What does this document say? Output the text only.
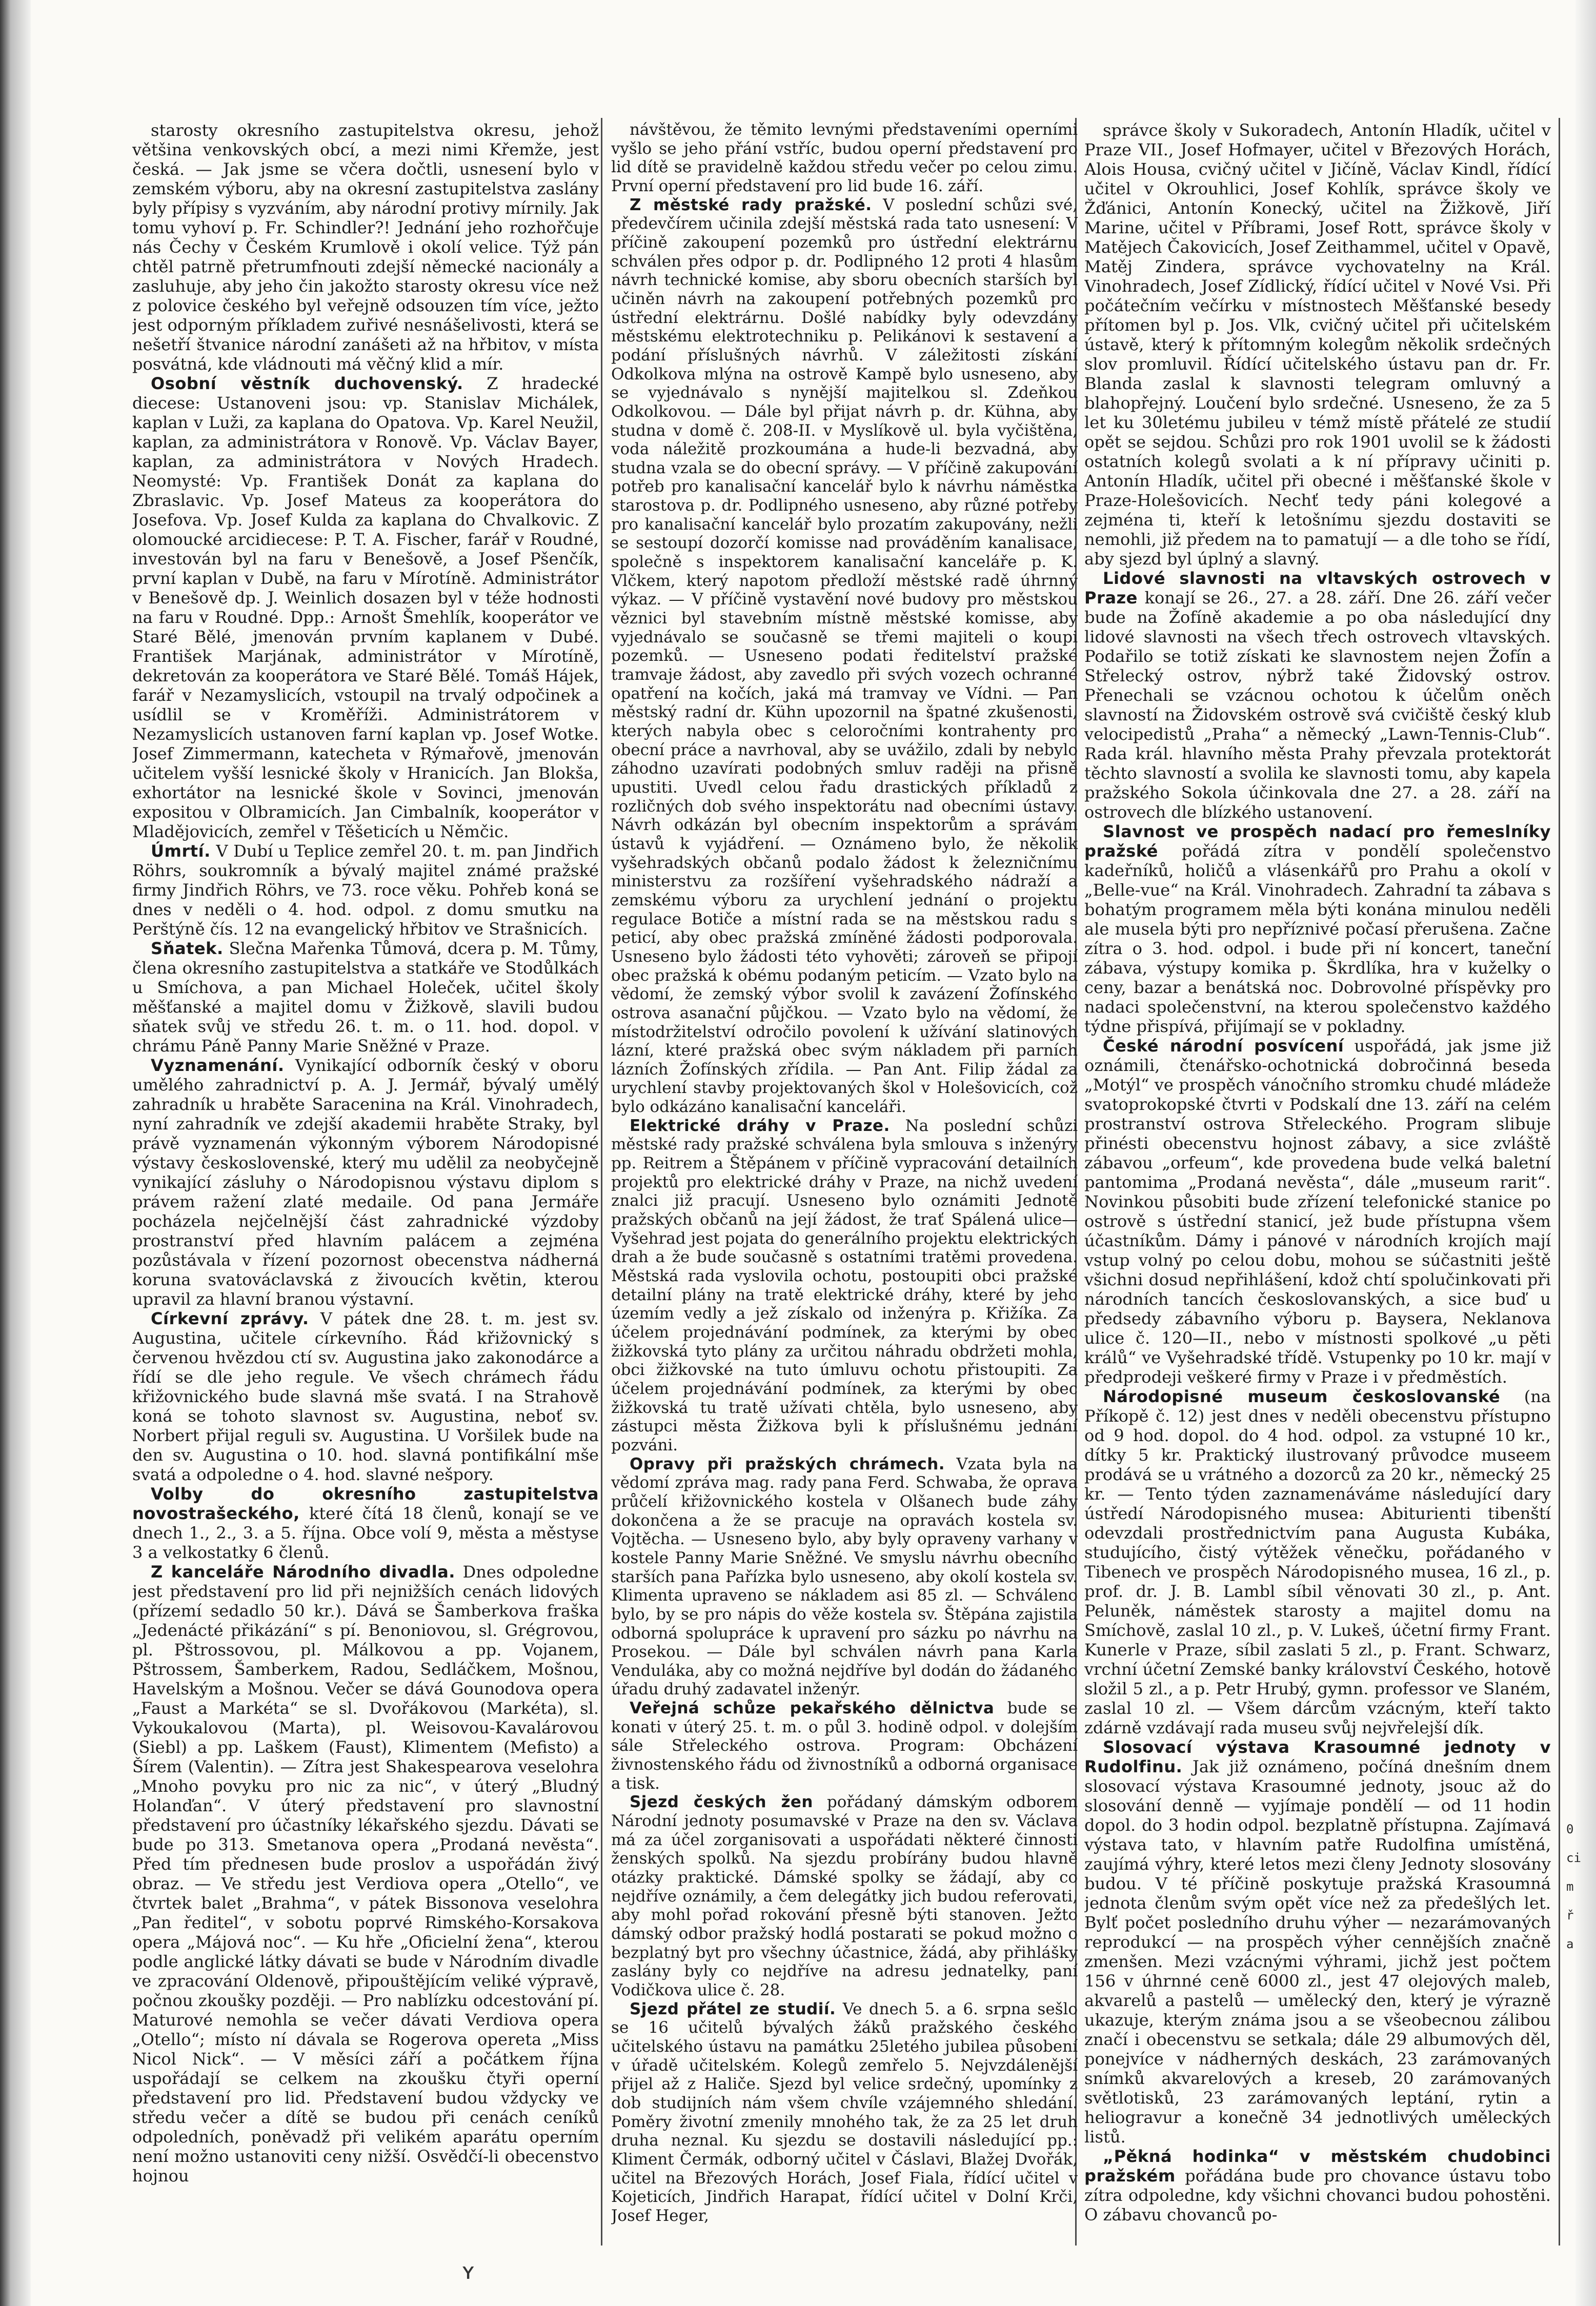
starosty okresního zastupitelstva okresu, jehož většina venkovských obcí, a mezi nimi Křemže, jest česká. — Jak jsme se včera dočtli, usnesení bylo v zemském výboru, aby na okresní zastupitelstva zaslány byly přípisy s vyzváním, aby národní protivy mírnily. Jak tomu vyhoví p. Fr. Schindler?! Jednání jeho rozhořčuje nás Čechy v Českém Krumlově i okolí velice. Týž pán chtěl patrně přetrumfnouti zdejší německé nacionály a zasluhuje, aby jeho čin jakožto starosty okresu více než z polovice českého byl veřejně odsouzen tím více, ježto jest odporným příkladem zuřivé nesnášelivosti, která se nešetří štvanice národní zanášeti až na hřbitov, v místa posvátná, kde vládnouti má věčný klid a mír.

Osobní věstník duchovenský. Z hradecké diecese: Ustanoveni jsou: vp. Stanislav Michálek, kaplan v Luži, za kaplana do Opatova. Vp. Karel Neužil, kaplan, za administrátora v Ronově. Vp. Václav Bayer, kaplan, za administrátora v Nových Hradech. Neomysté: Vp. František Donát za kaplana do Zbraslavic. Vp. Josef Mateus za kooperátora do Josefova. Vp. Josef Kulda za kaplana do Chvalkovic. Z olomoucké arcidiecese: P. T. A. Fischer, farář v Roudné, investován byl na faru v Benešově, a Josef Pšenčík, první kaplan v Dubě, na faru v Mírotíně. Administrátor v Benešově dp. J. Weinlich dosazen byl v téže hodnosti na faru v Roudné. Dpp.: Arnošt Šmehlík, kooperátor ve Staré Bělé, jmenován prvním kaplanem v Dubé. František Marjának, administrátor v Mírotíně, dekretován za kooperátora ve Staré Bělé. Tomáš Hájek, farář v Nezamyslicích, vstoupil na trvalý odpočinek a usídlil se v Kroměříži. Administrátorem v Nezamyslicích ustanoven farní kaplan vp. Josef Wotke. Josef Zimmermann, katecheta v Rýmařově, jmenován učitelem vyšší lesnické školy v Hranicích. Jan Blokša, exhortátor na lesnické škole v Sovinci, jmenován expositou v Olbramicích. Jan Cimbalník, kooperátor v Mladějovicích, zemřel v Těšeticích u Němčic.

Úmrtí. V Dubí u Teplice zemřel 20. t. m. pan Jindřich Röhrs, soukromník a bývalý majitel známé pražské firmy Jindřich Röhrs, ve 73. roce věku. Pohřeb koná se dnes v neděli o 4. hod. odpol. z domu smutku na Perštýně čís. 12 na evangelický hřbitov ve Strašnicích.

Sňatek. Slečna Mařenka Tůmová, dcera p. M. Tůmy, člena okresního zastupitelstva a statkáře ve Stodůlkách u Smíchova, a pan Michael Holeček, učitel školy měšťanské a majitel domu v Žižkově, slavili budou sňatek svůj ve středu 26. t. m. o 11. hod. dopol. v chrámu Páně Panny Marie Sněžné v Praze.

Vyznamenání. Vynikající odborník český v oboru umělého zahradnictví p. A. J. Jermář, bývalý umělý zahradník u hraběte Saracenina na Král. Vinohradech, nyní zahradník ve zdejší akademii hraběte Straky, byl právě vyznamenán výkonným výborem Národopisné výstavy československé, který mu udělil za neobyčejně vynikající zásluhy o Národopisnou výstavu diplom s právem ražení zlaté medaile. Od pana Jermáře pocházela nejčelnější část zahradnické výzdoby prostranství před hlavním palácem a zejména pozůstávala v řízení pozornost obecenstva nádherná koruna svatováclavská z živoucích květin, kterou upravil za hlavní branou výstavní.

Církevní zprávy. V pátek dne 28. t. m. jest sv. Augustina, učitele církevního. Řád křižovnický s červenou hvězdou ctí sv. Augustina jako zakonodárce a řídí se dle jeho regule. Ve všech chrámech řádu křižovnického bude slavná mše svatá. I na Strahově koná se tohoto slavnost sv. Augustina, neboť sv. Norbert přijal reguli sv. Augustina. U Voršilek bude na den sv. Augustina o 10. hod. slavná pontifikální mše svatá a odpoledne o 4. hod. slavné nešpory.

Volby do okresního zastupitelstva novostrašeckého, které čítá 18 členů, konají se ve dnech 1., 2., 3. a 5. října. Obce volí 9, města a městyse 3 a velkostatky 6 členů.

Z kanceláře Národního divadla. Dnes odpoledne jest představení pro lid při nejnižších cenách lidových (přízemí sedadlo 50 kr.). Dává se Šamberkova fraška „Jedenácté přikázání“ s pí. Benoniovou, sl. Grégrovou, pl. Pštrossovou, pl. Málkovou a pp. Vojanem, Pštrossem, Šamberkem, Radou, Sedláčkem, Mošnou, Havelským a Mošnou. Večer se dává Gounodova opera „Faust a Markéta“ se sl. Dvořákovou (Markéta), sl. Vykoukalovou (Marta), pl. Weisovou-Kavalárovou (Siebl) a pp. Laškem (Faust), Klimentem (Mefisto) a Šírem (Valentin). — Zítra jest Shakespearova veselohra „Mnoho povyku pro nic za nic“, v úterý „Bludný Holanďan“. V úterý představení pro slavnostní představení pro účastníky lékařského sjezdu. Dávati se bude po 313. Smetanova opera „Prodaná nevěsta“. Před tím přednesen bude proslov a uspořádán živý obraz. — Ve středu jest Verdiova opera „Otello“, ve čtvrtek balet „Brahma“, v pátek Bissonova veselohra „Pan ředitel“, v sobotu poprvé Rimského-Korsakova opera „Májová noc“. — Ku hře „Oficielní žena“, kterou podle anglické látky dávati se bude v Národním divadle ve zpracování Oldenově, připouštějícím veliké výpravě, počnou zkoušky později. — Pro nablízku odcestování pí. Maturové nemohla se večer dávati Verdiova opera „Otello“; místo ní dávala se Rogerova opereta „Miss Nicol Nick“. — V měsíci září a počátkem října uspořádají se celkem na zkoušku čtyři operní představení pro lid. Představení budou vždycky ve středu večer a dítě se budou při cenách ceníků odpoledních, poněvadž při velikém aparátu operním není možno ustanoviti ceny nižší. Osvědčí-li obecenstvo hojnou

návštěvou, že těmito levnými představeními operními vyšlo se jeho přání vstříc, budou operní představení pro lid dítě se pravidelně každou středu večer po celou zimu. První operní představení pro lid bude 16. září.

Z městské rady pražské. V poslední schůzi své, předevčírem učinila zdejší městská rada tato usnesení: V příčině zakoupení pozemků pro ústřední elektrárnu schválen přes odpor p. dr. Podlipného 12 proti 4 hlasům návrh technické komise, aby sboru obecních starších byl učiněn návrh na zakoupení potřebných pozemků pro ústřední elektrárnu. Došlé nabídky byly odevzdány městskému elektrotechniku p. Pelikánovi k sestavení a podání příslušných návrhů. V záležitosti získání Odkolkova mlýna na ostrově Kampě bylo usneseno, aby se vyjednávalo s nynější majitelkou sl. Zdeňkou Odkolkovou. — Dále byl přijat návrh p. dr. Kühna, aby studna v domě č. 208-II. v Myslíkově ul. byla vyčištěna, voda náležitě prozkoumána a hude-li bezvadná, aby studna vzala se do obecní správy. — V příčině zakupování potřeb pro kanalisační kancelář bylo k návrhu náměstka starostova p. dr. Podlipného usneseno, aby různé potřeby pro kanalisační kancelář bylo prozatím zakupovány, nežli se sestoupí dozorčí komisse nad prováděním kanalisace, společně s inspektorem kanalisační kanceláře p. K. Vlčkem, který napotom předloží městské radě úhrnný výkaz. — V příčině vystavění nové budovy pro městskou věznici byl stavebním místně městské komisse, aby vyjednávalo se současně se třemi majiteli o koupi pozemků. — Usneseno podati ředitelství pražské tramvaje žádost, aby zavedlo při svých vozech ochranné opatření na kočích, jaká má tramvay ve Vídni. — Pan městský radní dr. Kühn upozornil na špatné zkušenosti, kterých nabyla obec s celoročními kontrahenty pro obecní práce a navrhoval, aby se uvážilo, zdali by nebylo záhodno uzavírati podobných smluv raději na přisně upustiti. Uvedl celou řadu drastických příkladů z rozličných dob svého inspektorátu nad obecními ústavy. Návrh odkázán byl obecním inspektorům a správám ústavů k vyjádření. — Oznámeno bylo, že několik vyšehradských občanů podalo žádost k železničnímu ministerstvu za rozšíření vyšehradského nádraží a zemskému výboru za urychlení jednání o projektu regulace Botiče a místní rada se na městskou radu s peticí, aby obec pražská zmíněné žádosti podporovala. Usneseno bylo žádosti této vyhověti; zároveň se připojí obec pražská k obému podaným peticím. — Vzato bylo na vědomí, že zemský výbor svolil k zavázení Žofínského ostrova asanační půjčkou. — Vzato bylo na vědomí, že místodržitelství odročilo povolení k užívání slatinových lázní, které pražská obec svým nákladem při parních lázních Žofínských zřídila. — Pan Ant. Filip žádal za urychlení stavby projektovaných škol v Holešovicích, což bylo odkázáno kanalisační kanceláři.

Elektrické dráhy v Praze. Na poslední schůzi městské rady pražské schválena byla smlouva s inženýry pp. Reitrem a Štěpánem v příčině vypracování detailních projektů pro elektrické dráhy v Praze, na nichž uvedení znalci již pracují. Usneseno bylo oznámiti Jednotě pražských občanů na její žádost, že trať Spálená ulice—Vyšehrad jest pojata do generálního projektu elektrických drah a že bude současně s ostatními tratěmi provedena. Městská rada vyslovila ochotu, postoupiti obci pražské detailní plány na tratě elektrické dráhy, které by jeho územím vedly a jež získalo od inženýra p. Křižíka. Za účelem projednávání podmínek, za kterými by obec žižkovská tyto plány za určitou náhradu obdržeti mohla, obci žižkovské na tuto úmluvu ochotu přistoupiti. Za účelem projednávání podmínek, za kterými by obec žižkovská tu tratě užívati chtěla, bylo usneseno, aby zástupci města Žižkova byli k příslušnému jednání pozváni.

Opravy při pražských chrámech. Vzata byla na vědomí zpráva mag. rady pana Ferd. Schwaba, že oprava průčelí křižovnického kostela v Olšanech bude záhy dokončena a že se pracuje na opravách kostela sv. Vojtěcha. — Usneseno bylo, aby byly opraveny varhany v kostele Panny Marie Sněžné. Ve smyslu návrhu obecního starších pana Pařízka bylo usneseno, aby okolí kostela sv. Klimenta upraveno se nákladem asi 85 zl. — Schváleno bylo, by se pro nápis do věže kostela sv. Štěpána zajistila odborná spolupráce k upravení pro sázku po návrhu na Prosekou. — Dále byl schválen návrh pana Karla Venduláka, aby co možná nejdříve byl dodán do žádaného úřadu druhý zadavatel inženýr.

Veřejná schůze pekařského dělnictva bude se konati v úterý 25. t. m. o půl 3. hodině odpol. v dolejším sále Střeleckého ostrova. Program: Obcházení živnostenského řádu od živnostníků a odborná organisace a tisk.

Sjezd českých žen pořádaný dámským odborem Národní jednoty posumavské v Praze na den sv. Václava má za účel zorganisovati a uspořádati některé činnosti ženských spolků. Na sjezdu probírány budou hlavně otázky praktické. Dámské spolky se žádají, aby co nejdříve oznámily, a čem delegátky jich budou referovati, aby mohl pořad rokování přesně býti stanoven. Ježto dámský odbor pražský hodlá postarati se pokud možno o bezplatný byt pro všechny účastnice, žádá, aby přihlášky zaslány byly co nejdříve na adresu jednatelky, paní Vodičkova ulice č. 28.

Sjezd přátel ze studií. Ve dnech 5. a 6. srpna sešlo se 16 učitelů bývalých žáků pražského českého učitelského ústavu na památku 25letého jubilea působení v úřadě učitelském. Kolegů zemřelo 5. Nejvzdálenější přijel až z Haliče. Sjezd byl velice srdečný, upomínky z dob studijních nám všem chvíle vzájemného shledání. Poměry životní zmenily mnohého tak, že za 25 let druh druha neznal. Ku sjezdu se dostavili následující pp.: Kliment Čermák, odborný učitel v Čáslavi, Blažej Dvořák, učitel na Březových Horách, Josef Fiala, řídící učitel v Kojeticích, Jindřich Harapat, řídící učitel v Dolní Krči, Josef Heger,

správce školy v Sukoradech, Antonín Hladík, učitel v Praze VII., Josef Hofmayer, učitel v Březových Horách, Alois Housa, cvičný učitel v Jičíně, Václav Kindl, řídící učitel v Okrouhlici, Josef Kohlík, správce školy ve Žďánici, Antonín Konecký, učitel na Žižkově, Jiří Marine, učitel v Příbrami, Josef Rott, správce školy v Matějech Čakovicích, Josef Zeithammel, učitel v Opavě, Matěj Zindera, správce vychovatelny na Král. Vinohradech, Josef Zídlický, řídící učitel v Nové Vsi. Při počátečním večírku v místnostech Měšťanské besedy přítomen byl p. Jos. Vlk, cvičný učitel při učitelském ústavě, který k přítomným kolegům několik srdečných slov promluvil. Řídící učitelského ústavu pan dr. Fr. Blanda zaslal k slavnosti telegram omluvný a blahopřejný. Loučení bylo srdečné. Usneseno, že za 5 let ku 30letému jubileu v témž místě přátelé ze studií opět se sejdou. Schůzi pro rok 1901 uvolil se k žádosti ostatních kolegů svolati a k ní přípravy učiniti p. Antonín Hladík, učitel při obecné i měšťanské škole v Praze-Holešovicích. Nechť tedy páni kolegové a zejména ti, kteří k letošnímu sjezdu dostaviti se nemohli, již předem na to pamatují — a dle toho se řídí, aby sjezd byl úplný a slavný.

Lidové slavnosti na vltavských ostrovech v Praze konají se 26., 27. a 28. září. Dne 26. září večer bude na Žofíně akademie a po oba následující dny lidové slavnosti na všech třech ostrovech vltavských. Podařilo se totiž získati ke slavnostem nejen Žofín a Střelecký ostrov, nýbrž také Židovský ostrov. Přenechali se vzácnou ochotou k účelům oněch slavností na Židovském ostrově svá cvičiště český klub velocipedistů „Praha“ a německý „Lawn-Tennis-Club“. Rada král. hlavního města Prahy převzala protektorát těchto slavností a svolila ke slavnosti tomu, aby kapela pražského Sokola účinkovala dne 27. a 28. září na ostrovech dle blízkého ustanovení.

Slavnost ve prospěch nadací pro řemeslníky pražské pořádá zítra v pondělí společenstvo kadeřníků, holičů a vlásenkářů pro Prahu a okolí v „Belle-vue“ na Král. Vinohradech. Zahradní ta zábava s bohatým programem měla býti konána minulou neděli ale musela býti pro nepříznivé počasí přerušena. Začne zítra o 3. hod. odpol. i bude při ní koncert, taneční zábava, výstupy komika p. Škrdlíka, hra v kuželky o ceny, bazar a benátská noc. Dobrovolné příspěvky pro nadaci společenstvní, na kterou společenstvo každého týdne přispívá, přijímají se v pokladny.

České národní posvícení uspořádá, jak jsme již oznámili, čtenářsko-ochotnická dobročinná beseda „Motýl“ ve prospěch vánočního stromku chudé mládeže svatoprokopské čtvrti v Podskalí dne 13. září na celém prostranství ostrova Střeleckého. Program slibuje přinésti obecenstvu hojnost zábavy, a sice zvláště zábavou „orfeum“, kde provedena bude velká baletní pantomima „Prodaná nevěsta“, dále „museum rarit“. Novinkou působiti bude zřízení telefonické stanice po ostrově s ústřední stanicí, jež bude přístupna všem účastníkům. Dámy i pánové v národních krojích mají vstup volný po celou dobu, mohou se súčastniti ještě všichni dosud nepřihlášení, kdož chtí spolučinkovati při národních tancích českoslovanských, a sice buď u předsedy zábavního výboru p. Baysera, Neklanova ulice č. 120—II., nebo v místnosti spolkové „u pěti králů“ ve Vyšehradské třídě. Vstupenky po 10 kr. mají v předprodeji veškeré firmy v Praze i v předměstích.

Národopisné museum českoslovanské (na Příkopě č. 12) jest dnes v neděli obecenstvu přístupno od 9 hod. dopol. do 4 hod. odpol. za vstupné 10 kr., dítky 5 kr. Praktický ilustrovaný průvodce museem prodává se u vrátného a dozorců za 20 kr., německý 25 kr. — Tento týden zaznamenáváme následující dary ústředí Národopisného musea: Abiturienti tibenští odevzdali prostřednictvím pana Augusta Kubáka, studujícího, čistý výtěžek věnečku, pořádaného v Tibenech ve prospěch Národopisného musea, 16 zl., p. prof. dr. J. B. Lambl síbil věnovati 30 zl., p. Ant. Peluněk, náměstek starosty a majitel domu na Smíchově, zaslal 10 zl., p. V. Lukeš, účetní firmy Frant. Kunerle v Praze, síbil zaslati 5 zl., p. Frant. Schwarz, vrchní účetní Zemské banky království Českého, hotově složil 5 zl., a p. Petr Hrubý, gymn. professor ve Slaném, zaslal 10 zl. — Všem dárcům vzácným, kteří takto zdárně vzdávají rada museu svůj nejvřelejší dík.

Slosovací výstava Krasoumné jednoty v Rudolfinu. Jak již oznámeno, počíná dnešním dnem slosovací výstava Krasoumné jednoty, jsouc až do slosování denně — vyjímaje pondělí — od 11 hodin dopol. do 3 hodin odpol. bezplatně přístupna. Zajímavá výstava tato, v hlavním patře Rudolfina umístěná, zaujímá výhry, které letos mezi členy Jednoty slosovány budou. V té příčině poskytuje pražská Krasoumná jednota členům svým opět více než za předešlých let. Bylť počet posledního druhu výher — nezarámovaných reprodukcí — na prospěch výher cennějších značně zmenšen. Mezi vzácnými výhrami, jichž jest počtem 156 v úhrnné ceně 6000 zl., jest 47 olejových maleb, akvarelů a pastelů — umělecký den, který je výrazně ukazuje, kterým známa jsou a se všeobecnou zálibou značí i obecenstvu se setkala; dále 29 albumových děl, ponejvíce v nádherných deskách, 23 zarámovaných snímků akvarelových a kreseb, 20 zarámovaných světlotisků, 23 zarámovaných leptání, rytin a heliogravur a konečně 34 jednotlivých uměleckých listů.

„Pěkná hodinka“ v městském chudobinci pražském pořádána bude pro chovance ústavu tobo zítra odpoledne, kdy všichni chovanci budou pohostěni. O zábavu chovanců po-

0
ci
m
ř
a
ʏ
